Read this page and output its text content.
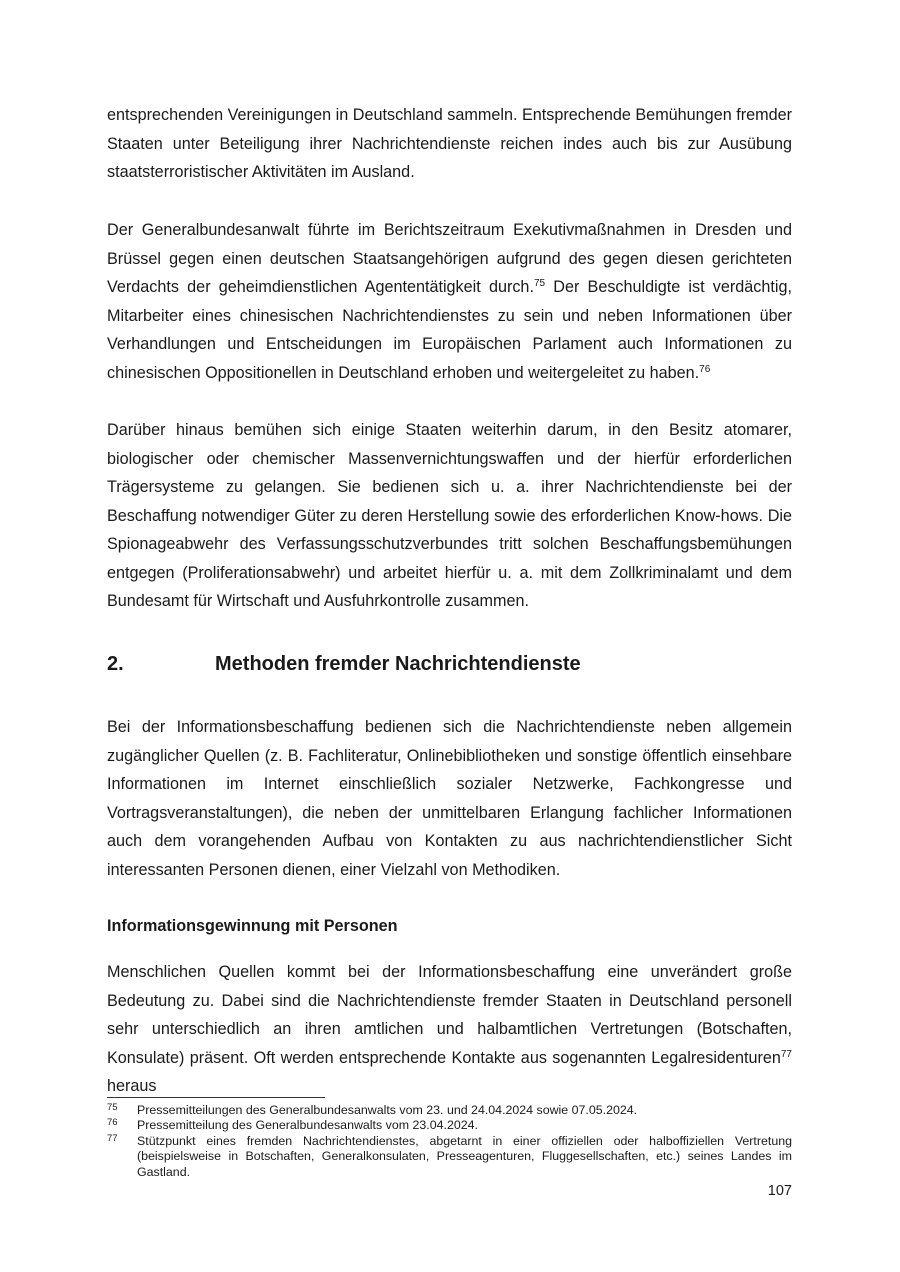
entsprechenden Vereinigungen in Deutschland sammeln. Entsprechende Bemühungen fremder Staaten unter Beteiligung ihrer Nachrichtendienste reichen indes auch bis zur Ausübung staatsterroristischer Aktivitäten im Ausland.

Der Generalbundesanwalt führte im Berichtszeitraum Exekutivmaßnahmen in Dresden und Brüssel gegen einen deutschen Staatsangehörigen aufgrund des gegen diesen gerichteten Verdachts der geheimdienstlichen Agententätigkeit durch.$^{75}$ Der Beschuldigte ist verdächtig, Mitarbeiter eines chinesischen Nachrichtendienstes zu sein und neben Informationen über Verhandlungen und Entscheidungen im Europäischen Parlament auch Informationen zu chinesischen Oppositionellen in Deutschland erhoben und weitergeleitet zu haben.$^{76}$

Darüber hinaus bemühen sich einige Staaten weiterhin darum, in den Besitz atomarer, biologischer oder chemischer Massenvernichtungswaffen und der hierfür erforderlichen Trägersysteme zu gelangen. Sie bedienen sich u. a. ihrer Nachrichtendienste bei der Beschaffung notwendiger Güter zu deren Herstellung sowie des erforderlichen Know-hows. Die Spionageabwehr des Verfassungsschutzverbundes tritt solchen Beschaffungsbemühungen entgegen (Proliferationsabwehr) und arbeitet hierfür u. a. mit dem Zollkriminalamt und dem Bundesamt für Wirtschaft und Ausfuhrkontrolle zusammen.

2.	Methoden fremder Nachrichtendienste

Bei der Informationsbeschaffung bedienen sich die Nachrichtendienste neben allgemein zugänglicher Quellen (z. B. Fachliteratur, Onlinebibliotheken und sonstige öffentlich einsehbare Informationen im Internet einschließlich sozialer Netzwerke, Fachkongresse und Vortragsveranstaltungen), die neben der unmittelbaren Erlangung fachlicher Informationen auch dem vorangehenden Aufbau von Kontakten zu aus nachrichtendienstlicher Sicht interessanten Personen dienen, einer Vielzahl von Methodiken.

Informationsgewinnung mit Personen

Menschlichen Quellen kommt bei der Informationsbeschaffung eine unverändert große Bedeutung zu. Dabei sind die Nachrichtendienste fremder Staaten in Deutschland personell sehr unterschiedlich an ihren amtlichen und halbamtlichen Vertretungen (Botschaften, Konsulate) präsent. Oft werden entsprechende Kontakte aus sogenannten Legalresidenturen$^{77}$ heraus

75 Pressemitteilungen des Generalbundesanwalts vom 23. und 24.04.2024 sowie 07.05.2024.
76 Pressemitteilung des Generalbundesanwalts vom 23.04.2024.
77 Stützpunkt eines fremden Nachrichtendienstes, abgetarnt in einer offiziellen oder halboffiziellen Vertretung (beispielsweise in Botschaften, Generalkonsulaten, Presseagenturen, Fluggesellschaften, etc.) seines Landes im Gastland.
107
